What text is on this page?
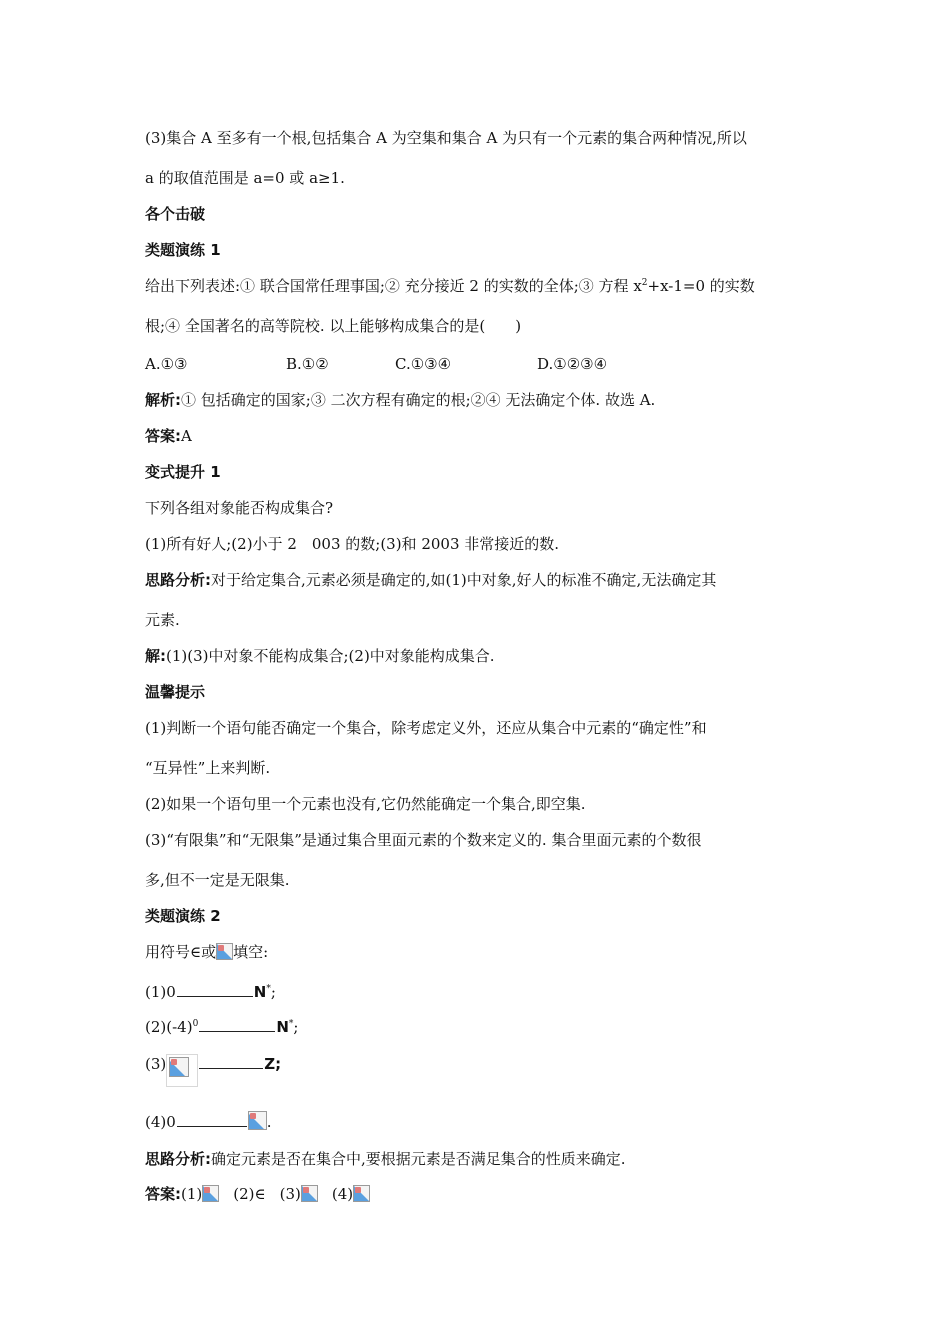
(3)集合 A 至多有一个根,包括集合 A 为空集和集合 A 为只有一个元素的集合两种情况,所以
a 的取值范围是 a=0 或 a≥1.
各个击破
类题演练 1
给出下列表述:① 联合国常任理事国;② 充分接近 2 的实数的全体;③ 方程 $x^2+x-1=0$ 的实数
根;④ 全国著名的高等院校. 以上能够构成集合的是(　　)
A.①③	B.①②	C.①③④	D.①②③④
解析:① 包括确定的国家;③ 二次方程有确定的根;②④ 无法确定个体. 故选 A.
答案:A
变式提升 1
下列各组对象能否构成集合?
(1)所有好人;(2)小于 2　003 的数;(3)和 2003 非常接近的数.
思路分析:对于给定集合,元素必须是确定的,如(1)中对象,好人的标准不确定,无法确定其
元素.
解:(1)(3)中对象不能构成集合;(2)中对象能构成集合.
温馨提示
(1)判断一个语句能否确定一个集合，除考虑定义外，还应从集合中元素的“确定性”和
“互异性”上来判断.
(2)如果一个语句里一个元素也没有,它仍然能确定一个集合,即空集.
(3)“有限集”和“无限集”是通过集合里面元素的个数来定义的. 集合里面元素的个数很
多,但不一定是无限集.
类题演练 2
用符号∈或 填空:
(1)0	N*;
$(2)(-4)^0$	N*;
(3)	Z;
(4)0	.
思路分析:确定元素是否在集合中,要根据元素是否满足集合的性质来确定.
答案:(1) (2)∈ (3) (4)
